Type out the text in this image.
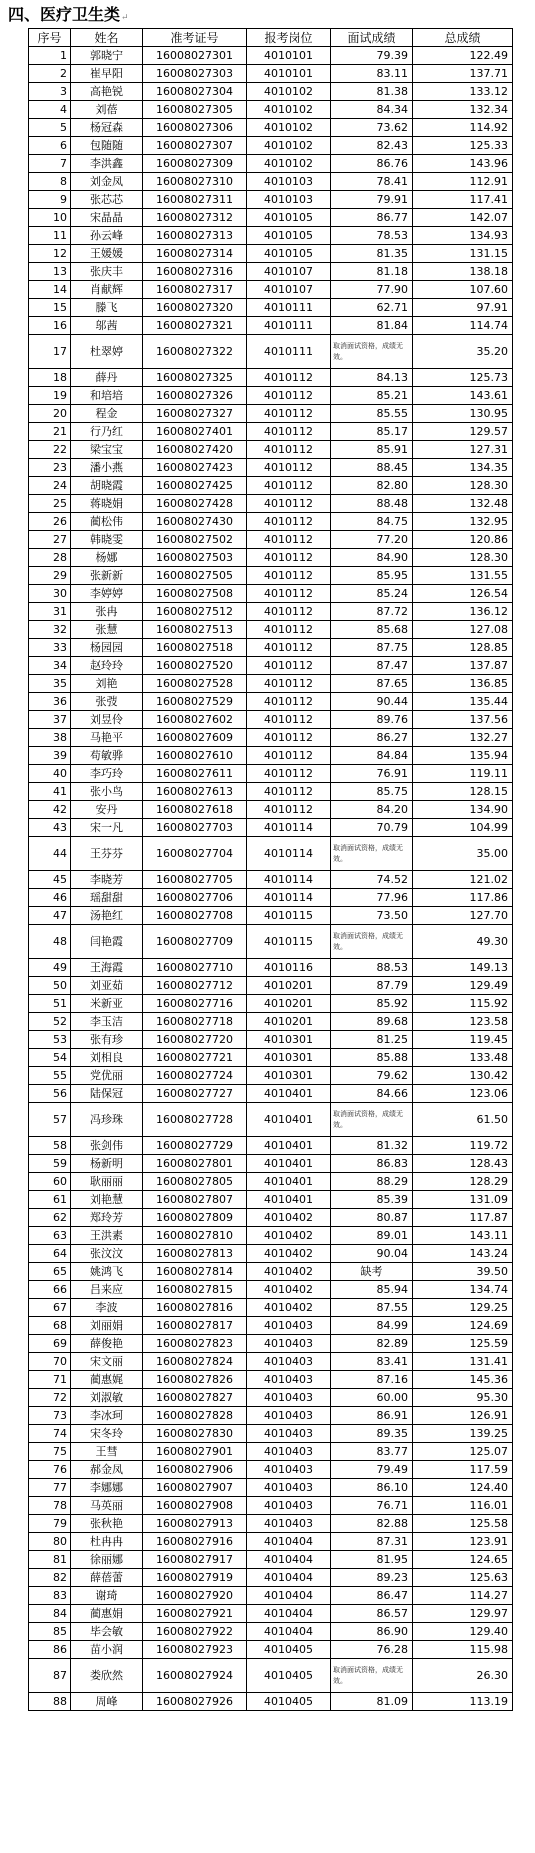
四、医疗卫生类↵
序号	姓名	准考证号	报考岗位	面试成绩	总成绩
1	郭晓宁	16008027301	4010101	79.39	122.49
2	崔早阳	16008027303	4010101	83.11	137.71
3	高艳锐	16008027304	4010102	81.38	133.12
4	刘蓓	16008027305	4010102	84.34	132.34
5	杨冠森	16008027306	4010102	73.62	114.92
6	包随随	16008027307	4010102	82.43	125.33
7	李洪鑫	16008027309	4010102	86.76	143.96
8	刘金凤	16008027310	4010103	78.41	112.91
9	张芯芯	16008027311	4010103	79.91	117.41
10	宋晶晶	16008027312	4010105	86.77	142.07
11	孙云峰	16008027313	4010105	78.53	134.93
12	王媛媛	16008027314	4010105	81.35	131.15
13	张庆丰	16008027316	4010107	81.18	138.18
14	肖献辉	16008027317	4010107	77.90	107.60
15	滕飞	16008027320	4010111	62.71	97.91
16	邬茜	16008027321	4010111	81.84	114.74
17	杜翠婷	16008027322	4010111	取消面试资格，成绩无效。	35.20
18	薛丹	16008027325	4010112	84.13	125.73
19	和培培	16008027326	4010112	85.21	143.61
20	程金	16008027327	4010112	85.55	130.95
21	行乃红	16008027401	4010112	85.17	129.57
22	梁宝宝	16008027420	4010112	85.91	127.31
23	潘小燕	16008027423	4010112	88.45	134.35
24	胡晓霞	16008027425	4010112	82.80	128.30
25	蒋晓娟	16008027428	4010112	88.48	132.48
26	蔺松伟	16008027430	4010112	84.75	132.95
27	韩晓雯	16008027502	4010112	77.20	120.86
28	杨娜	16008027503	4010112	84.90	128.30
29	张新新	16008027505	4010112	85.95	131.55
30	李婷婷	16008027508	4010112	85.24	126.54
31	张冉	16008027512	4010112	87.72	136.12
32	张慧	16008027513	4010112	85.68	127.08
33	杨园园	16008027518	4010112	87.75	128.85
34	赵玲玲	16008027520	4010112	87.47	137.87
35	刘艳	16008027528	4010112	87.65	136.85
36	张弢	16008027529	4010112	90.44	135.44
37	刘昱伶	16008027602	4010112	89.76	137.56
38	马艳平	16008027609	4010112	86.27	132.27
39	苟敏骅	16008027610	4010112	84.84	135.94
40	李巧玲	16008027611	4010112	76.91	119.11
41	张小鸟	16008027613	4010112	85.75	128.15
42	安丹	16008027618	4010112	84.20	134.90
43	宋一凡	16008027703	4010114	70.79	104.99
44	王芬芬	16008027704	4010114	取消面试资格，成绩无效。	35.00
45	李晓芳	16008027705	4010114	74.52	121.02
46	瑶甜甜	16008027706	4010114	77.96	117.86
47	汤艳红	16008027708	4010115	73.50	127.70
48	闫艳霞	16008027709	4010115	取消面试资格，成绩无效。	49.30
49	王海霞	16008027710	4010116	88.53	149.13
50	刘亚茹	16008027712	4010201	87.79	129.49
51	米新亚	16008027716	4010201	85.92	115.92
52	李玉洁	16008027718	4010201	89.68	123.58
53	张有珍	16008027720	4010301	81.25	119.45
54	刘相良	16008027721	4010301	85.88	133.48
55	党优丽	16008027724	4010301	79.62	130.42
56	陆保冠	16008027727	4010401	84.66	123.06
57	冯珍珠	16008027728	4010401	取消面试资格，成绩无效。	61.50
58	张剑伟	16008027729	4010401	81.32	119.72
59	杨新明	16008027801	4010401	86.83	128.43
60	耿丽丽	16008027805	4010401	88.29	128.29
61	刘艳慧	16008027807	4010401	85.39	131.09
62	郑玲芳	16008027809	4010402	80.87	117.87
63	王洪素	16008027810	4010402	89.01	143.11
64	张汶汶	16008027813	4010402	90.04	143.24
65	姚鸿飞	16008027814	4010402	缺考	39.50
66	吕来应	16008027815	4010402	85.94	134.74
67	李波	16008027816	4010402	87.55	129.25
68	刘丽娟	16008027817	4010403	84.99	124.69
69	薛俊艳	16008027823	4010403	82.89	125.59
70	宋文丽	16008027824	4010403	83.41	131.41
71	蔺惠娓	16008027826	4010403	87.16	145.36
72	刘淑敏	16008027827	4010403	60.00	95.30
73	李冰珂	16008027828	4010403	86.91	126.91
74	宋冬玲	16008027830	4010403	89.35	139.25
75	王彗	16008027901	4010403	83.77	125.07
76	郝金凤	16008027906	4010403	79.49	117.59
77	李娜娜	16008027907	4010403	86.10	124.40
78	马英丽	16008027908	4010403	76.71	116.01
79	张秋艳	16008027913	4010403	82.88	125.58
80	杜冉冉	16008027916	4010404	87.31	123.91
81	徐丽娜	16008027917	4010404	81.95	124.65
82	薛蓓蕾	16008027919	4010404	89.23	125.63
83	谢琦	16008027920	4010404	86.47	114.27
84	蔺惠娟	16008027921	4010404	86.57	129.97
85	毕会敏	16008027922	4010404	86.90	129.40
86	苗小润	16008027923	4010405	76.28	115.98
87	娄欣然	16008027924	4010405	取消面试资格，成绩无效。	26.30
88	周峰	16008027926	4010405	81.09	113.19
